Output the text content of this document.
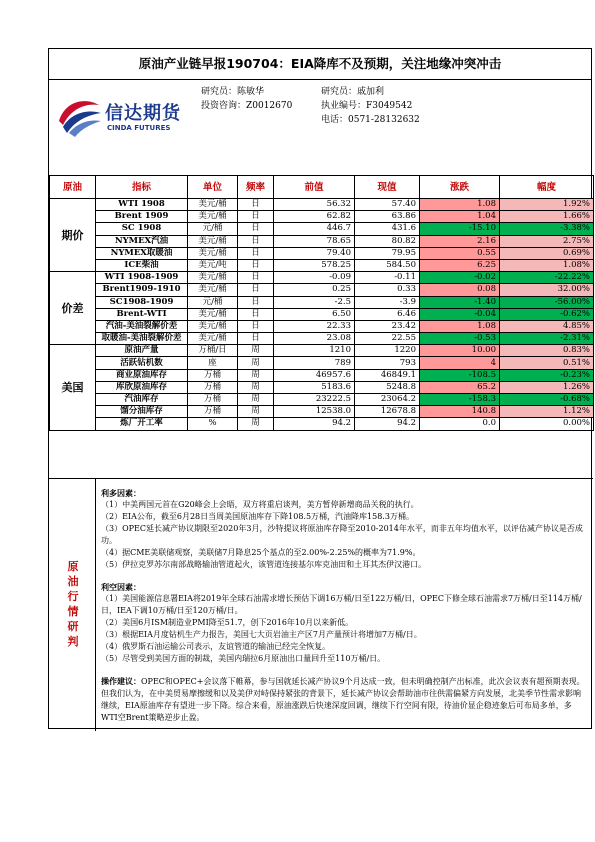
原油产业链早报190704：EIA降库不及预期，关注地缘冲突冲击
信达期货
CINDA FUTURES
研究员：陈敏华
投资咨询：Z0012670
研究员：戚加利
执业编号：F3049542
电话：0571-28132632
原油	指标	单位	频率	前值	现值	涨跌	幅度
期价	WTI 1908	美元/桶	日	56.32	57.40	1.08	1.92%
	Brent 1909	美元/桶	日	62.82	63.86	1.04	1.66%
	SC 1908	元/桶	日	446.7	431.6	-15.10	-3.38%
	NYMEX汽油	美元/桶	日	78.65	80.82	2.16	2.75%
	NYMEX取暖油	美元/桶	日	79.40	79.95	0.55	0.69%
	ICE柴油	美元/吨	日	578.25	584.50	6.25	1.08%
价差	WTI 1908-1909	美元/桶	日	-0.09	-0.11	-0.02	-22.22%
	Brent1909-1910	美元/桶	日	0.25	0.33	0.08	32.00%
	SC1908-1909	元/桶	日	-2.5	-3.9	-1.40	-56.00%
	Brent-WTI	美元/桶	日	6.50	6.46	-0.04	-0.62%
	汽油-美油裂解价差	美元/桶	日	22.33	23.42	1.08	4.85%
	取暖油-美油裂解价差	美元/桶	日	23.08	22.55	-0.53	-2.31%
美国	原油产量	万桶/日	周	1210	1220	10.00	0.83%
	活跃钻机数	座	周	789	793	4	0.51%
	商业原油库存	万桶	周	46957.6	46849.1	-108.5	-0.23%
	库欣原油库存	万桶	周	5183.6	5248.8	65.2	1.26%
	汽油库存	万桶	周	23222.5	23064.2	-158.3	-0.68%
	馏分油库存	万桶	周	12538.0	12678.8	140.8	1.12%
	炼厂开工率	%	周	94.2	94.2	0.0	0.00%
原油行情研判

利多因素：

（1）中美两国元首在G20峰会上会晤，双方将重启谈判，美方暂停新增商品关税的执行。

（2）EIA公布，截至6月28日当周美国原油库存下降108.5万桶，汽油降库158.3万桶。

（3）OPEC延长减产协议期限至2020年3月，沙特提议将原油库存降至2010-2014年水平，而非五年均值水平，以评估减产协议是否成功。

（4）据CME美联储观察，美联储7月降息25个基点的至2.00%-2.25%的概率为71.9%。

（5）伊拉克罗苏尔南部战略输油管道起火，该管道连接基尔库克油田和土耳其杰伊汉港口。

利空因素：

（1）美国能源信息署EIA将2019年全球石油需求增长预估下调16万桶/日至122万桶/日，OPEC下修全球石油需求7万桶/日至114万桶/日，IEA下调10万桶/日至120万桶/日。

（2）美国6月ISM制造业PMI降至51.7，创下2016年10月以来新低。

（3）根据EIA月度钻机生产力报告，美国七大页岩油主产区7月产量预计将增加7万桶/日。

（4）俄罗斯石油运输公司表示，友谊管道的输油已经完全恢复。

（5）尽管受到美国方面的制裁，美国内瑞拉6月原油出口量回升至110万桶/日。

操作建议：OPEC和OPEC+会议落下帷幕，参与国就延长减产协议9个月达成一致，但未明确控制产出标准，此次会议表有超预期表现。但我们认为，在中美贸易摩擦缓和以及美伊对峙保持紧张的背景下，延长减产协议会帮助油市往供需偏紧方向发展，北美季节性需求影响继续，EIA原油库存有望进一步下降。综合来看，原油涨跌后快速深度回调，继续下行空间有限，待油价显企稳迹象后可布局多单，多WTI空Brent策略逆步止盈。
